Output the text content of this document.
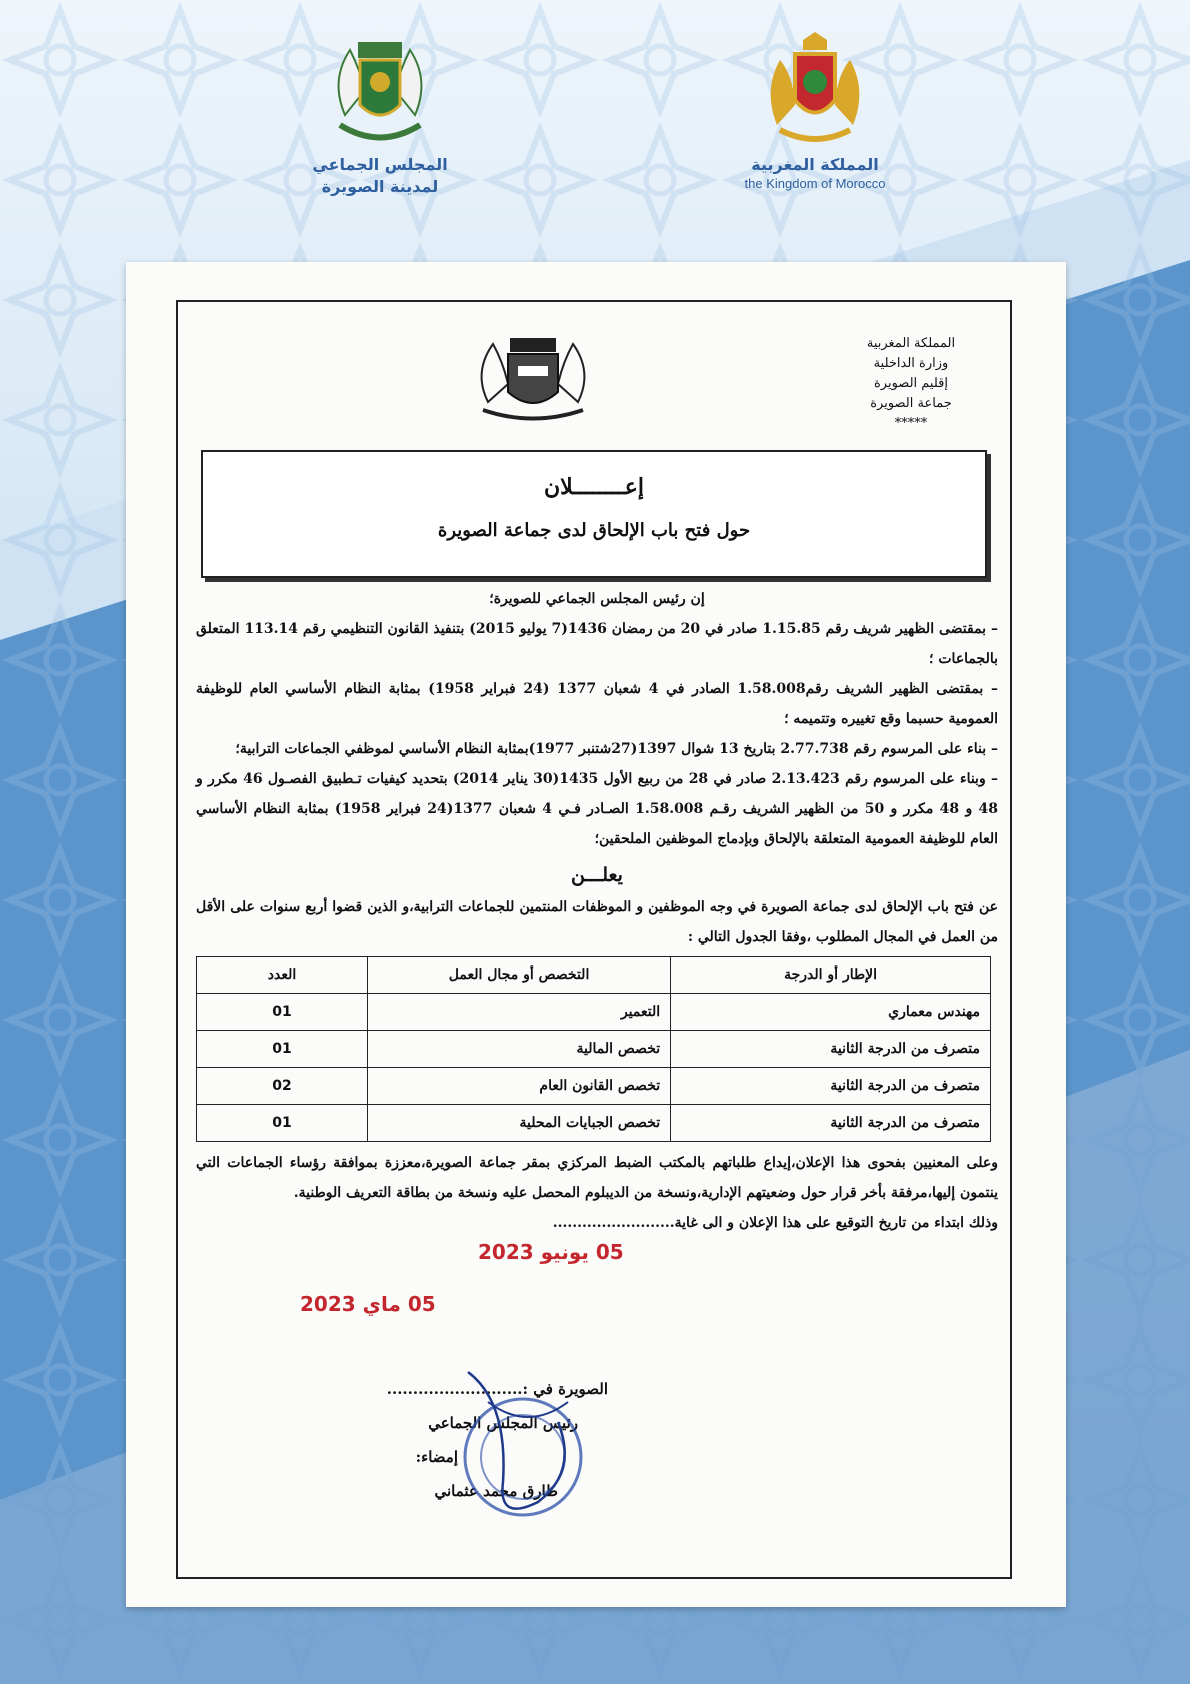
المجلس الجماعي
لمدينة الصويرة
المملكة المغربية
the Kingdom of Morocco
المملكة المغربية
وزارة الداخلية
إقليم الصويرة
جماعة الصويرة
*****
إعــــــــلان
حول فتح باب الإلحاق لدى جماعة الصويرة

إن رئيس المجلس الجماعي للصويرة؛

– بمقتضى الظهير شريف رقم 1.15.85 صادر في 20 من رمضان 1436(7 يوليو 2015) بتنفيذ القانون التنظيمي رقم 113.14 المتعلق بالجماعات ؛

– بمقتضى الظهير الشريف رقم1.58.008 الصادر في 4 شعبان 1377 (24 فبراير 1958) بمثابة النظام الأساسي العام للوظيفة العمومية حسبما وقع تغييره وتتميمه ؛

– بناء على المرسوم رقم 2.77.738 بتاريخ 13 شوال 1397(27شتنبر 1977)بمثابة النظام الأساسي لموظفي الجماعات الترابية؛

– وبناء على المرسوم رقم 2.13.423 صادر في 28 من ربيع الأول 1435(30 يناير 2014) بتحديد كيفيات تـطبيق الفصـول 46 مكرر و 48 و 48 مكرر و 50 من الظهير الشريف رقـم 1.58.008 الصـادر فـي 4 شعبان 1377(24 فبراير 1958) بمثابة النظام الأساسي العام للوظيفة العمومية المتعلقة بالإلحاق وبإدماج الموظفين الملحقين؛

يعلـــن

عن فتح باب الإلحاق لدى جماعة الصويرة في وجه الموظفين و الموظفات المنتمين للجماعات الترابية،و الذين قضوا أربع سنوات على الأقل من العمل في المجال المطلوب ،وفقا الجدول التالي :

الإطار أو الدرجة	التخصص أو مجال العمل	العدد
مهندس معماري	التعمير	01
متصرف من الدرجة الثانية	تخصص المالية	01
متصرف من الدرجة الثانية	تخصص القانون العام	02
متصرف من الدرجة الثانية	تخصص الجبايات المحلية	01

وعلى المعنيين بفحوى هذا الإعلان،إيداع طلباتهم بالمكتب الضبط المركزي بمقر جماعة الصويرة،معززة بموافقة رؤساء الجماعات التي ينتمون إليها،مرفقة بأخر قرار حول وضعيتهم الإدارية،ونسخة من الديبلوم المحصل عليه ونسخة من بطاقة التعريف الوطنية.

وذلك ابتداء من تاريخ التوقيع على هذا الإعلان و الى غاية.........................

05 يونيو 2023
05 ماي 2023
الصويرة في :..........................
رئيس المجلس الجماعي
إمضاء:
طارق محمد عثماني
